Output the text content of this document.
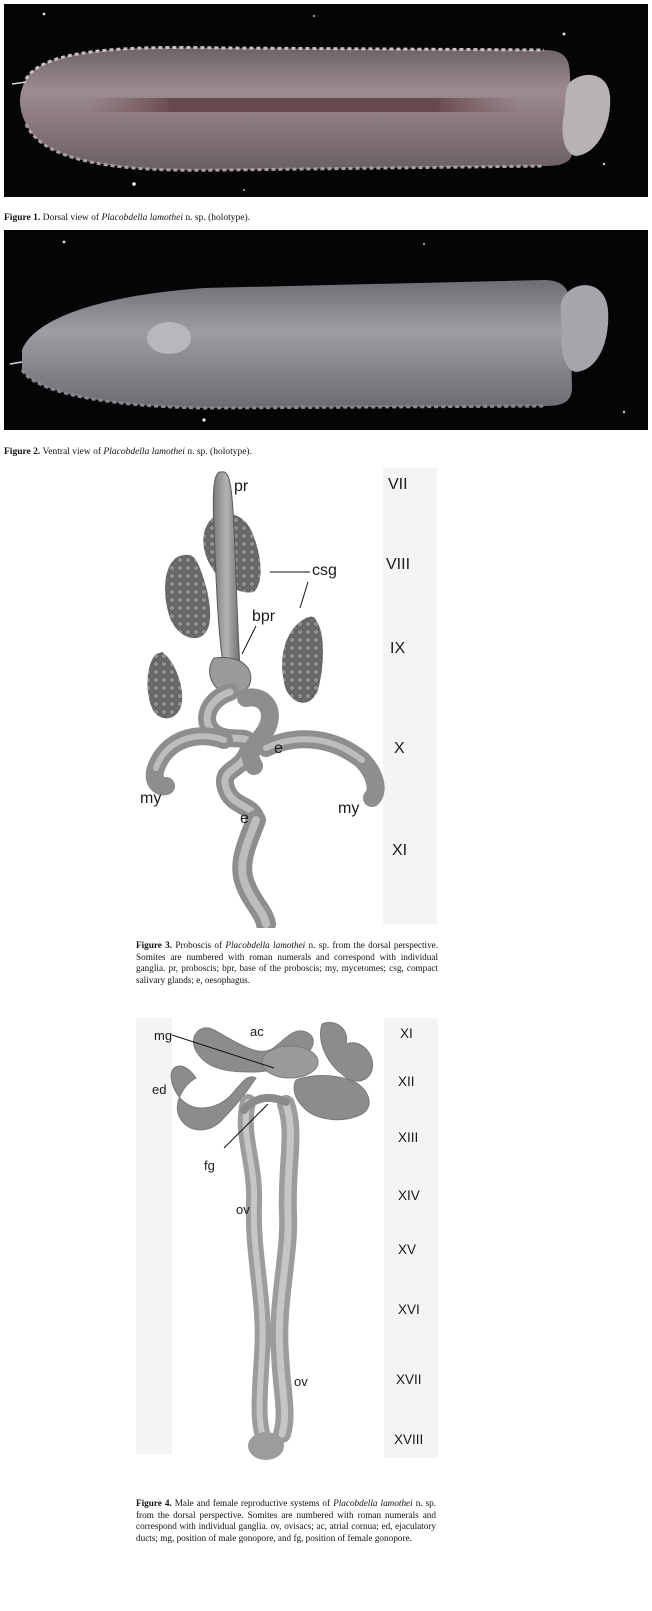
Figure 1. Dorsal view of Placobdella lamothei n. sp. (holotype).
Figure 2. Ventral view of Placobdella lamothei n. sp. (holotype).
pr
csg
bpr
e
e
my
my
VII
VIII
IX
X
XI
Figure 3. Proboscis of Placobdella lamothei n. sp. from the dorsal perspective. Somites are numbered with roman numerals and correspond with individual ganglia. pr, proboscis; bpr, base of the proboscis; my, mycetomes; csg, compact salivary glands; e, oesophagus.
mg	ac
ed
fg
ov
ov
XI
XII
XIII
XIV
XV
XVI
XVII
XVIII
Figure 4. Male and female reproductive systems of Placobdella lamothei n. sp. from the dorsal perspective. Somites are numbered with roman numerals and correspond with individual ganglia. ov, ovisacs; ac, atrial cornua; ed, ejaculatory ducts; mg, position of male gonopore, and fg, position of female gonopore.
